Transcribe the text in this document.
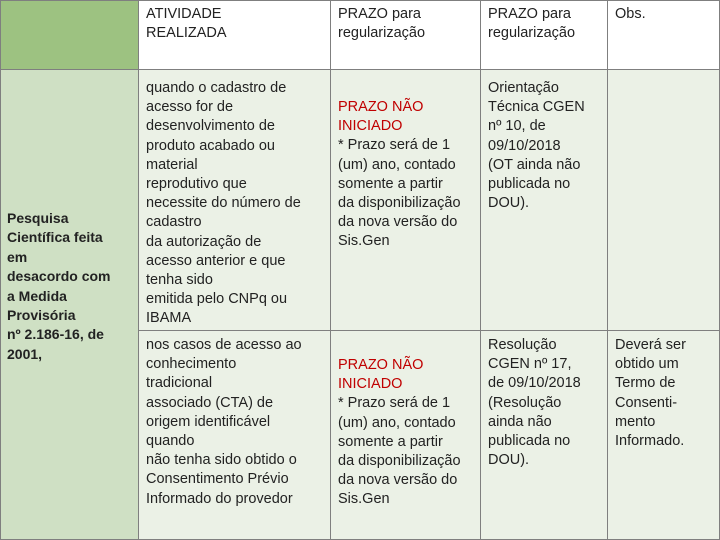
ATIVIDADE
REALIZADA
PRAZO para
regularização
PRAZO para
regularização
Obs.
Pesquisa
Científica feita
em
desacordo com
a Medida
Provisória
nº 2.186-16, de
2001,
quando o cadastro de
acesso for de
desenvolvimento de
produto acabado ou
material
reprodutivo que
necessite do número de
cadastro
da autorização de
acesso anterior e que
tenha sido
emitida pelo CNPq ou
IBAMA
PRAZO NÃO
INICIADO
* Prazo será de 1
(um) ano, contado
somente a partir
da disponibilização
da nova versão do
Sis.Gen
Orientação
Técnica CGEN
nº 10, de
09/10/2018
(OT ainda não
publicada no
DOU).
nos casos de acesso ao
conhecimento
tradicional
associado (CTA) de
origem identificável
quando
não tenha sido obtido o
Consentimento Prévio
Informado do provedor
PRAZO NÃO
INICIADO
* Prazo será de 1
(um) ano, contado
somente a partir
da disponibilização
da nova versão do
Sis.Gen
Resolução
CGEN nº 17,
de 09/10/2018
(Resolução
ainda não
publicada no
DOU).
Deverá ser
obtido um
Termo de
Consenti-
mento
Informado.
